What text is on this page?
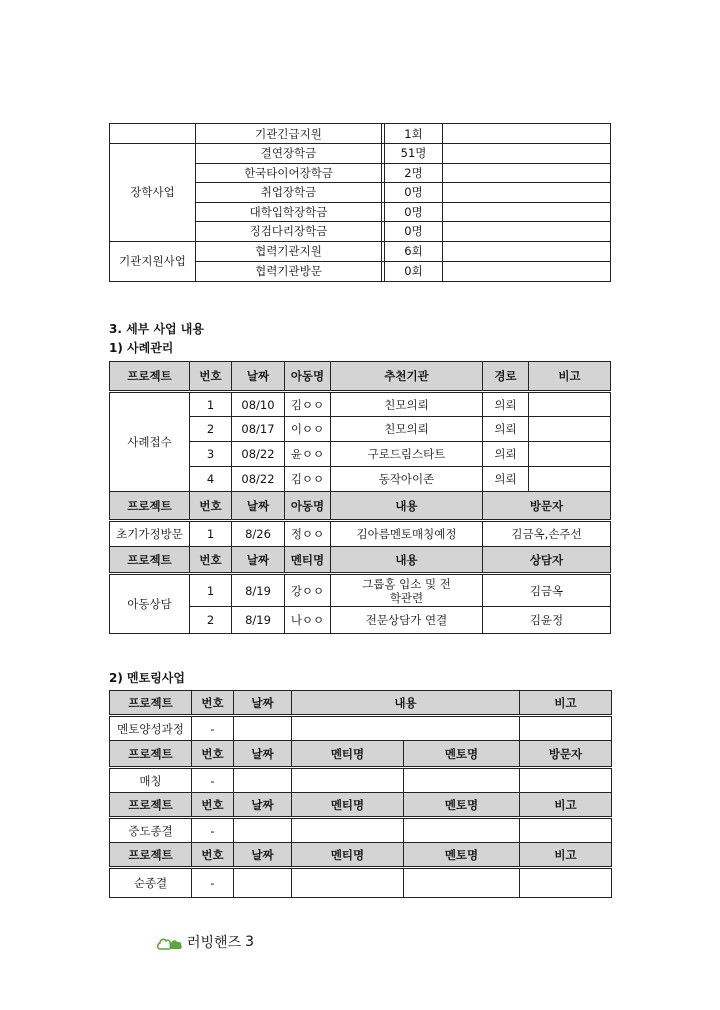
	기관긴급지원		1회	
장학사업	결연장학금		51명	
	한국타이어장학금		2명	
	취업장학금		0명	
	대학입학장학금		0명	
	징검다리장학금		0명	
기관지원사업	협력기관지원		6회	
	협력기관방문		0회	
3. 세부 사업 내용
1) 사례관리
프로젝트	번호	날짜	아동명	추천기관	경로	비고
사례접수	1	08/10	김ㅇㅇ	친모의뢰	의뢰	
	2	08/17	이ㅇㅇ	친모의뢰	의뢰	
	3	08/22	윤ㅇㅇ	구로드림스타트	의뢰	
	4	08/22	김ㅇㅇ	동작아이존	의뢰	
프로젝트	번호	날짜	아동명	내용	방문자	
초기가정방문	1	8/26	정ㅇㅇ	김아름멘토매칭예정	김금옥,손주선	
프로젝트	번호	날짜	멘티명	내용	상담자	
아동상담	1	8/19	강ㅇㅇ	그룹홈 입소 및 전학관련	김금옥	
	2	8/19	나ㅇㅇ	전문상담가 연결	김윤정	
2) 멘토링사업
프로젝트	번호	날짜	내용		비고
멘토양성과정	-				
프로젝트	번호	날짜	멘티명	멘토명	방문자
매칭	-				
프로젝트	번호	날짜	멘티명	멘토명	비고
중도종결	-				
프로젝트	번호	날짜	멘티명	멘토명	비고
순종결	-				
러빙핸즈 3
